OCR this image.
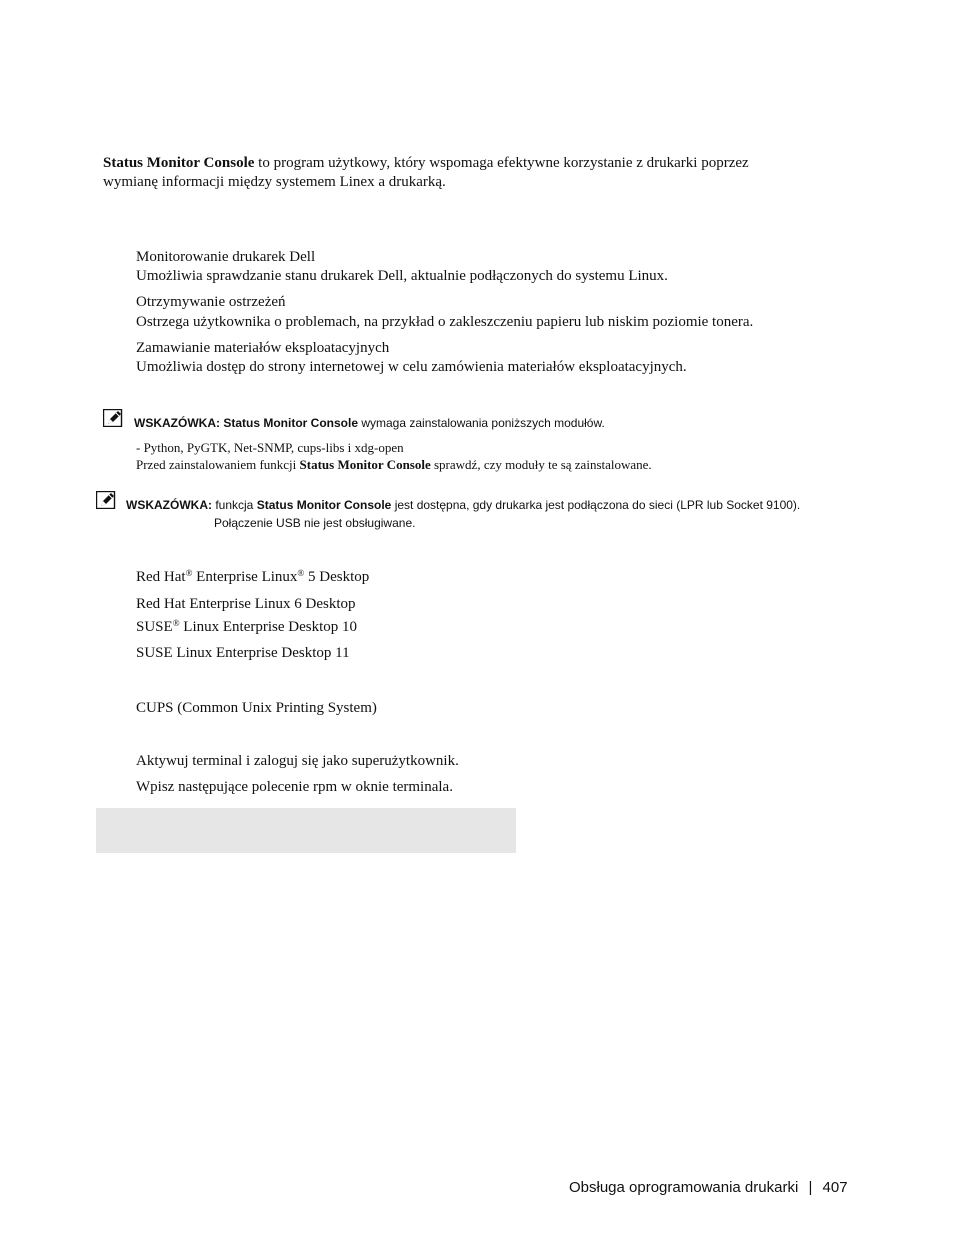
Status Monitor Console to program użytkowy, który wspomaga efektywne korzystanie z drukarki poprzez
wymianę informacji między systemem Linex a drukarką.
Monitorowanie drukarek Dell
Umożliwia sprawdzanie stanu drukarek Dell, aktualnie podłączonych do systemu Linux.
Otrzymywanie ostrzeżeń
Ostrzega użytkownika o problemach, na przykład o zakleszczeniu papieru lub niskim poziomie tonera.
Zamawianie materiałów eksploatacyjnych
Umożliwia dostęp do strony internetowej w celu zamówienia materiałów eksploatacyjnych.
WSKAZÓWKA: Status Monitor Console wymaga zainstalowania poniższych modułów.
- Python, PyGTK, Net-SNMP, cups-libs i xdg-open
Przed zainstalowaniem funkcji Status Monitor Console sprawdź, czy moduły te są zainstalowane.
WSKAZÓWKA: funkcja Status Monitor Console jest dostępna, gdy drukarka jest podłączona do sieci (LPR lub Socket 9100).
Połączenie USB nie jest obsługiwane.
Red Hat® Enterprise Linux® 5 Desktop
Red Hat Enterprise Linux 6 Desktop
SUSE® Linux Enterprise Desktop 10
SUSE Linux Enterprise Desktop 11
CUPS (Common Unix Printing System)
Aktywuj terminal i zaloguj się jako superużytkownik.
Wpisz następujące polecenie rpm w oknie terminala.
Obsługa oprogramowania drukarki | 407
